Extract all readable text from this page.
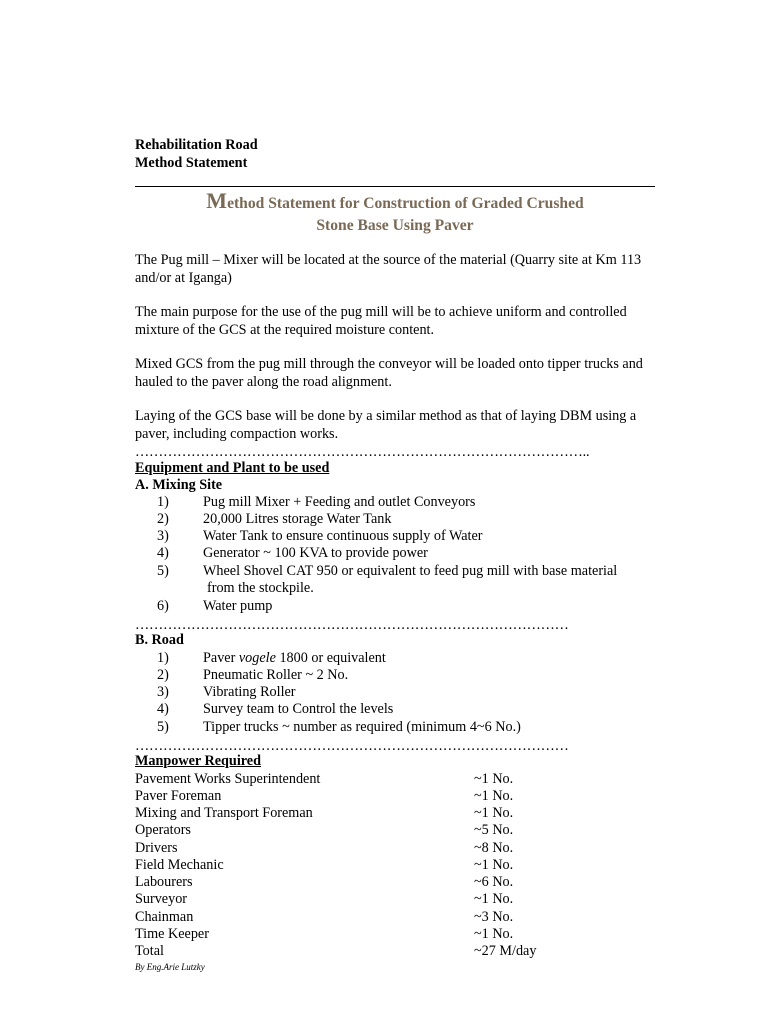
Rehabilitation Road
Method Statement
Method Statement for Construction of Graded Crushed
Stone Base Using Paver
The Pug mill – Mixer will be located at the source of the material (Quarry site at Km 113 and/or at Iganga)
The main purpose for the use of the pug mill will be to achieve uniform and controlled mixture of the GCS at the required moisture content.
Mixed GCS from the pug mill through the conveyor will be loaded onto tipper trucks and hauled to the paver along the road alignment.
Laying of the GCS base will be done by a similar method as that of laying DBM using a paver, including compaction works.
……………………………………………………………………………………..
Equipment and Plant to be used
A. Mixing Site
1)	Pug mill Mixer + Feeding and outlet Conveyors
2)	20,000 Litres storage Water Tank
3)	Water Tank to ensure continuous supply of Water
4)	Generator ~ 100 KVA to provide power
5)	Wheel Shovel CAT 950 or equivalent to feed pug mill with base material
from the stockpile.
6)	Water pump
…………………………………………………………………………………
B. Road
1)	Paver vogele 1800 or equivalent
2)	Pneumatic Roller ~ 2 No.
3)	Vibrating Roller
4)	Survey team to Control the levels
5)	Tipper trucks ~ number as required (minimum 4~6 No.)
…………………………………………………………………………………
Manpower Required
Pavement Works Superintendent	~1 No.
Paver Foreman	~1 No.
Mixing and Transport Foreman	~1 No.
Operators	~5 No.
Drivers	~8 No.
Field Mechanic	~1 No.
Labourers	~6 No.
Surveyor	~1 No.
Chainman	~3 No.
Time Keeper	~1 No.
Total	~27 M/day
By Eng.Arie Lutzky
